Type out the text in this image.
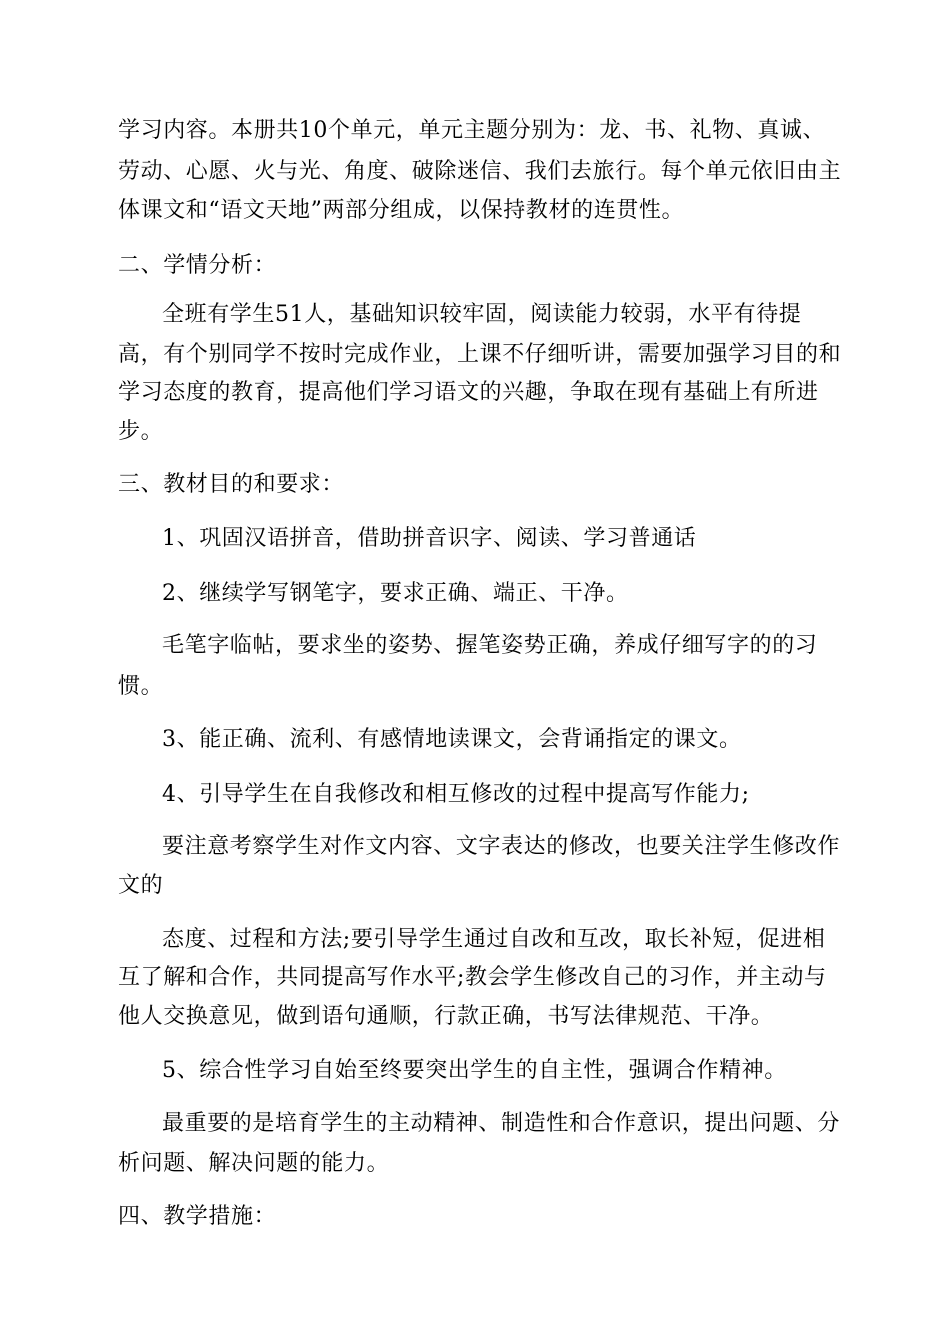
学习内容。本册共10个单元，单元主题分别为：龙、书、礼物、真诚、
劳动、心愿、火与光、角度、破除迷信、我们去旅行。每个单元依旧由主
体课文和“语文天地”两部分组成，以保持教材的连贯性。
二、学情分析：
全班有学生51人，基础知识较牢固，阅读能力较弱，水平有待提
高，有个别同学不按时完成作业，上课不仔细听讲，需要加强学习目的和
学习态度的教育，提高他们学习语文的兴趣，争取在现有基础上有所进
步。
三、教材目的和要求：
1、巩固汉语拼音，借助拼音识字、阅读、学习普通话
2、继续学写钢笔字，要求正确、端正、干净。
毛笔字临帖，要求坐的姿势、握笔姿势正确，养成仔细写字的的习
惯。
3、能正确、流利、有感情地读课文，会背诵指定的课文。
4、引导学生在自我修改和相互修改的过程中提高写作能力;
要注意考察学生对作文内容、文字表达的修改，也要关注学生修改作
文的
态度、过程和方法;要引导学生通过自改和互改，取长补短，促进相
互了解和合作，共同提高写作水平;教会学生修改自己的习作，并主动与
他人交换意见，做到语句通顺，行款正确，书写法律规范、干净。
5、综合性学习自始至终要突出学生的自主性，强调合作精神。
最重要的是培育学生的主动精神、制造性和合作意识，提出问题、分
析问题、解决问题的能力。
四、教学措施：
